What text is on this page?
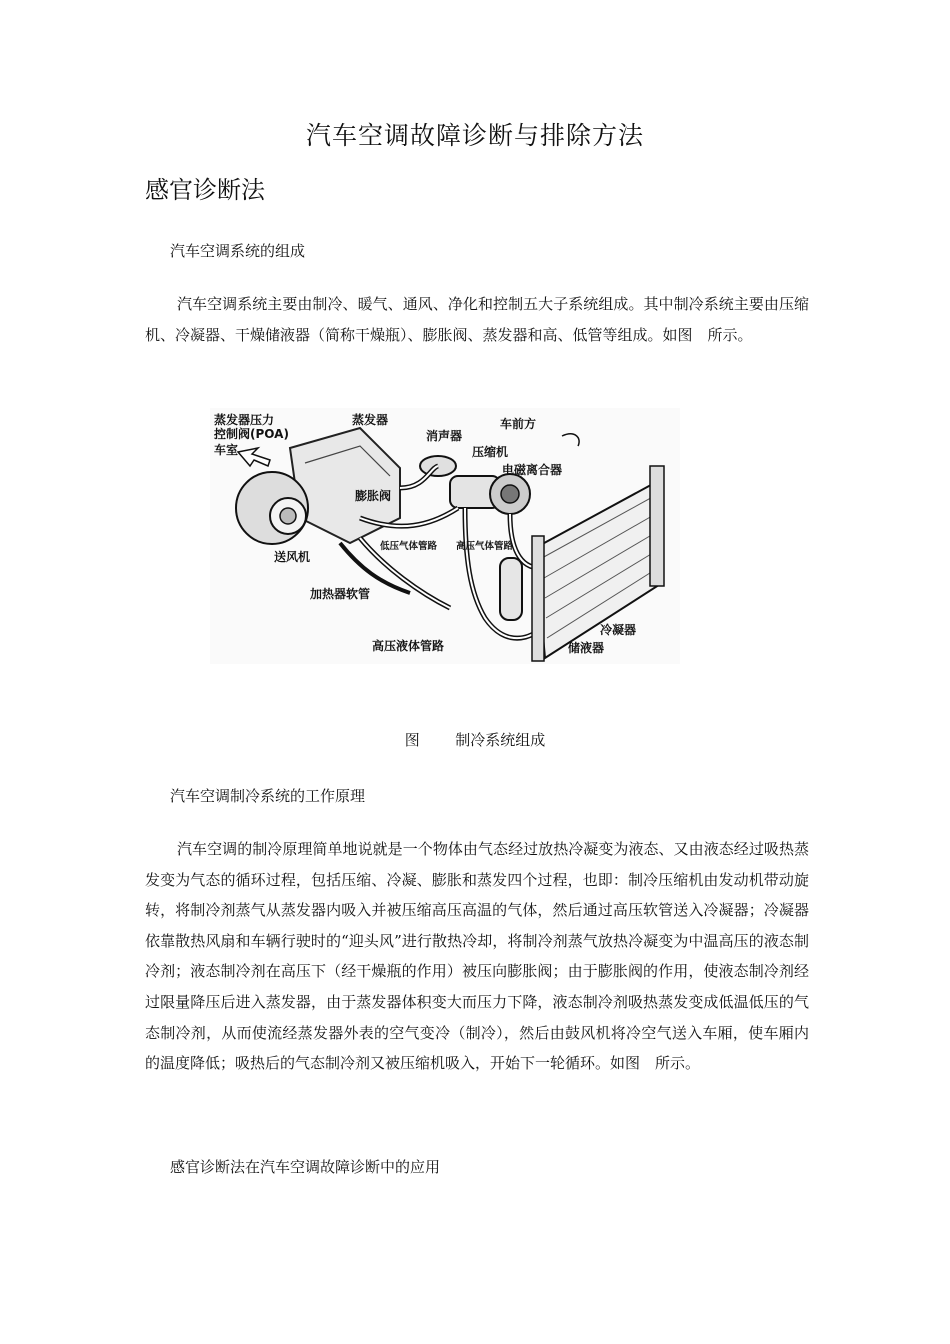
汽车空调故障诊断与排除方法
感官诊断法
汽车空调系统的组成
汽车空调系统主要由制冷、暖气、通风、净化和控制五大子系统组成。其中制冷系统主要由压缩机、冷凝器、干燥储液器（简称干燥瓶）、膨胀阀、蒸发器和高、低管等组成。如图　所示。
蒸发器压力
控制阀(POA)
车室
蒸发器
消声器
车前方
压缩机
电磁离合器
膨胀阀
低压气体管路 高压气体管路
送风机
加热器软管
高压液体管路	储液器
冷凝器
图 制冷系统组成
汽车空调制冷系统的工作原理
汽车空调的制冷原理简单地说就是一个物体由气态经过放热冷凝变为液态、又由液态经过吸热蒸发变为气态的循环过程，包括压缩、冷凝、膨胀和蒸发四个过程，也即：制冷压缩机由发动机带动旋转，将制冷剂蒸气从蒸发器内吸入并被压缩高压高温的气体，然后通过高压软管送入冷凝器；冷凝器依靠散热风扇和车辆行驶时的“迎头风”进行散热冷却，将制冷剂蒸气放热冷凝变为中温高压的液态制冷剂；液态制冷剂在高压下（经干燥瓶的作用）被压向膨胀阀；由于膨胀阀的作用，使液态制冷剂经过限量降压后进入蒸发器，由于蒸发器体积变大而压力下降，液态制冷剂吸热蒸发变成低温低压的气态制冷剂，从而使流经蒸发器外表的空气变冷（制冷），然后由鼓风机将冷空气送入车厢，使车厢内的温度降低；吸热后的气态制冷剂又被压缩机吸入，开始下一轮循环。如图　所示。
感官诊断法在汽车空调故障诊断中的应用
